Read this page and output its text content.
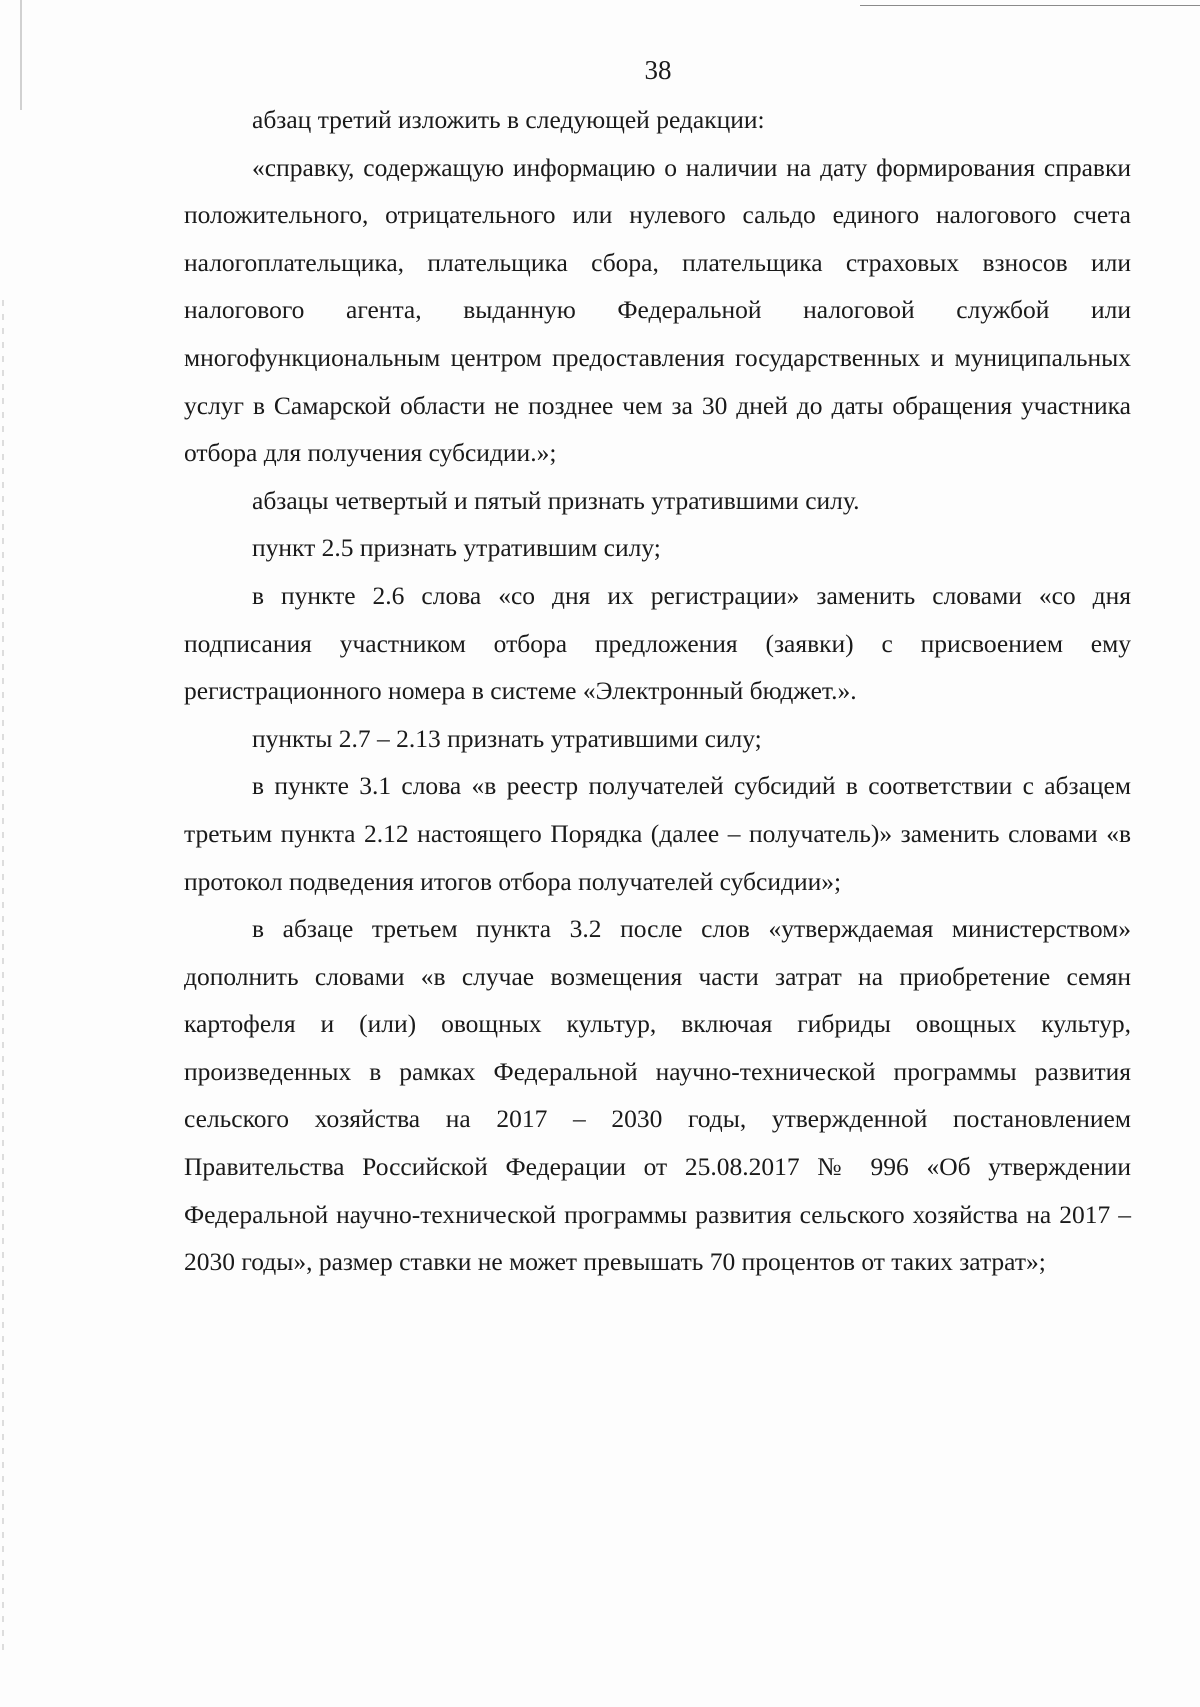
38

абзац третий изложить в следующей редакции:

«справку, содержащую информацию о наличии на дату формирования справки положительного, отрицательного или нулевого сальдо единого налогового счета налогоплательщика, плательщика сбора, плательщика страховых взносов или налогового агента, выданную Федеральной налоговой службой или многофункциональным центром предоставления государственных и муниципальных услуг в Самарской области не позднее чем за 30 дней до даты обращения участника отбора для получения субсидии.»;

абзацы четвертый и пятый признать утратившими силу.

пункт 2.5 признать утратившим силу;

в пункте 2.6 слова «со дня их регистрации» заменить словами «со дня подписания участником отбора предложения (заявки) с присвоением ему регистрационного номера в системе «Электронный бюджет.».

пункты 2.7 – 2.13 признать утратившими силу;

в пункте 3.1 слова «в реестр получателей субсидий в соответствии с абзацем третьим пункта 2.12 настоящего Порядка (далее – получатель)» заменить словами «в протокол подведения итогов отбора получателей субсидии»;

в абзаце третьем пункта 3.2 после слов «утверждаемая министерством» дополнить словами «в случае возмещения части затрат на приобретение семян картофеля и (или) овощных культур, включая гибриды овощных культур, произведенных в рамках Федеральной научно-технической программы развития сельского хозяйства на 2017 – 2030 годы, утвержденной постановлением Правительства Российской Федерации от 25.08.2017 № 996 «Об утверждении Федеральной научно-технической программы развития сельского хозяйства на 2017 – 2030 годы», размер ставки не может превышать 70 процентов от таких затрат»;
